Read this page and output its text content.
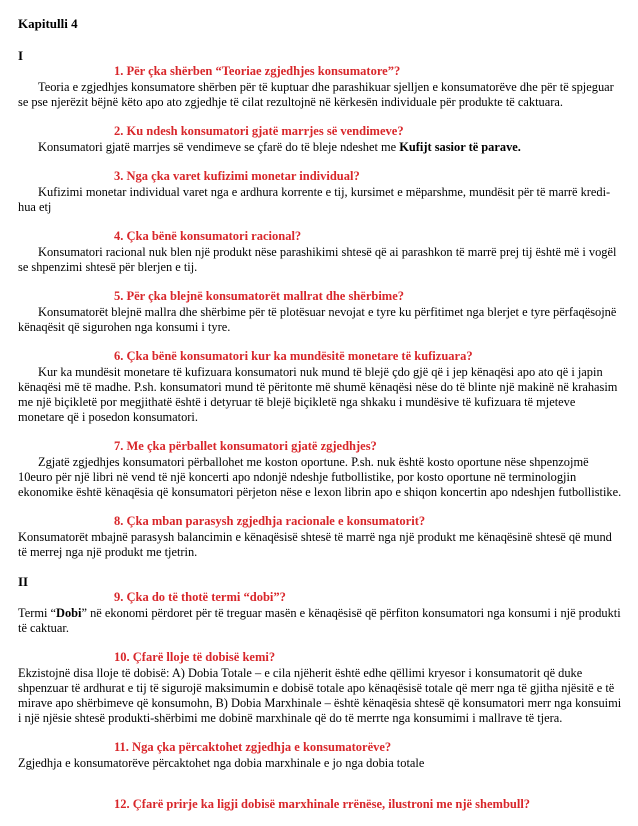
Kapitulli 4

I

1. Për çka shërben “Teoriae zgjedhjes konsumatore”?

Teoria e zgjedhjes konsumatore shërben për të kuptuar dhe parashikuar sjelljen e konsumatorëve dhe për të spjeguar se pse njerëzit bëjnë këto apo ato zgjedhje të cilat rezultojnë në kërkesën individuale për produkte të caktuara.

2. Ku ndesh konsumatori gjatë marrjes së vendimeve?

Konsumatori gjatë marrjes së vendimeve se çfarë do të bleje ndeshet me Kufijt sasior të parave.

3. Nga çka varet kufizimi monetar individual?

Kufizimi monetar individual varet nga e ardhura korrente e tij, kursimet e mëparshme, mundësit për të marrë kredi-hua etj

4. Çka bënë konsumatori racional?

Konsumatori racional nuk blen një produkt nëse parashikimi shtesë që ai parashkon të marrë prej tij është më i vogël se shpenzimi shtesë për blerjen e tij.

5. Për çka blejnë konsumatorët mallrat dhe shërbime?

Konsumatorët blejnë mallra dhe shërbime për të plotësuar nevojat e tyre ku përfitimet nga blerjet e tyre përfaqësojnë kënaqësit që sigurohen nga konsumi i tyre.

6. Çka bënë konsumatori kur ka mundësitë monetare të kufizuara?

Kur ka mundësit monetare të kufizuara konsumatori nuk mund të blejë çdo gjë që i jep kënaqësi apo ato që i japin kënaqësi më të madhe. P.sh. konsumatori mund të përitonte më shumë kënaqësi nëse do të blinte një makinë në krahasim me një biçikletë por megjithatë është i detyruar të blejë biçikletë nga shkaku i mundësive të kufizuara të mjeteve monetare që i posedon konsumatori.

7. Me çka përballet konsumatori gjatë zgjedhjes?

Zgjatë zgjedhjes konsumatori përballohet me koston oportune. P.sh. nuk është kosto oportune nëse shpenzojmë 10euro për një libri në vend të një koncerti apo ndonjë ndeshje futbollistike, por kosto oportune në terminologjin ekonomike është kënaqësia që konsumatori përjeton nëse e lexon librin apo e shiqon koncertin apo ndeshjen futbollistike.

8. Çka mban parasysh zgjedhja racionale e konsumatorit?

Konsumatorët mbajnë parasysh balancimin e kënaqësisë shtesë të marrë nga një produkt me kënaqësinë shtesë që mund të merrej nga një produkt me tjetrin.

II

9. Çka do të thotë termi “dobi”?

Termi “Dobi” në ekonomi përdoret për të treguar masën e kënaqësisë që përfiton konsumatori nga konsumi i një produkti të caktuar.

10. Çfarë lloje të dobisë kemi?

Ekzistojnë disa lloje të dobisë: A) Dobia Totale – e cila njëherit është edhe qëllimi kryesor i konsumatorit që duke shpenzuar të ardhurat e tij të sigurojë maksimumin e dobisë totale apo kënaqësisë totale që merr nga të gjitha njësitë e të mirave apo shërbimeve që konsumohn, B) Dobia Marxhinale – është kënaqësia shtesë që konsumatori merr nga konsuimi i një njësie shtesë produkti-shërbimi me dobinë marxhinale që do të merrte nga konsumimi i mallrave të tjera.

11. Nga çka përcaktohet zgjedhja e konsumatorëve?

Zgjedhja e konsumatorëve përcaktohet nga dobia marxhinale e jo nga dobia totale

12. Çfarë prirje ka ligji dobisë marxhinale rrënëse, ilustroni me një shembull?
